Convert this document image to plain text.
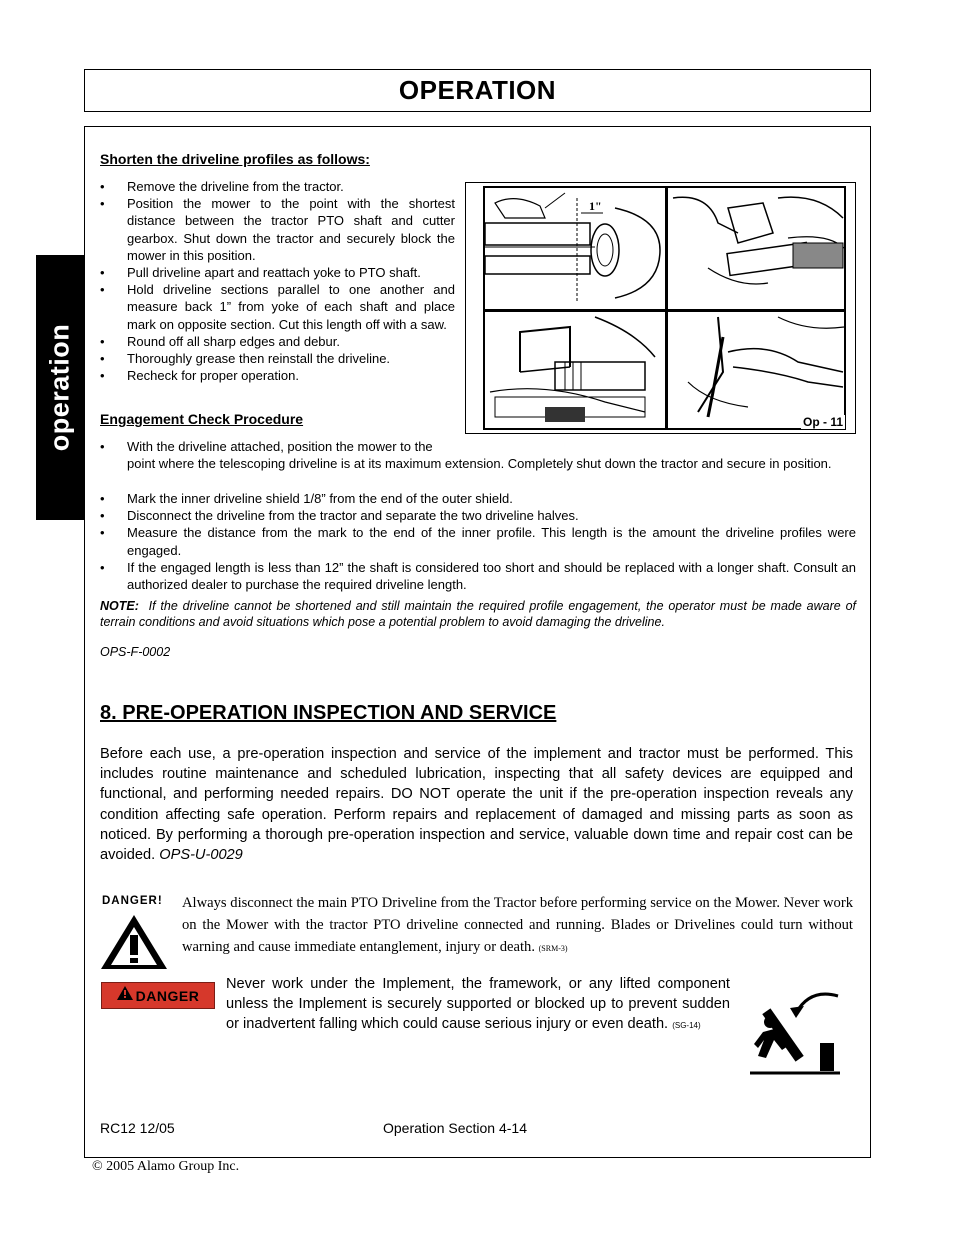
OPERATION
operation
Shorten the driveline profiles as follows:
• Remove the driveline from the tractor.
• Position the mower to the point with the shortest distance between the tractor PTO shaft and cutter gearbox. Shut down the tractor and securely block the mower in this position.
• Pull driveline apart and reattach yoke to PTO shaft.
• Hold driveline sections parallel to one another and measure back 1” from yoke of each shaft and place mark on opposite section. Cut this length off with a saw.
• Round off all sharp edges and debur.
• Thoroughly grease then reinstall the driveline.
• Recheck for proper operation.
1"
Op - 11
Engagement Check Procedure
• With the driveline attached, position the mower to the
point where the telescoping driveline is at its maximum extension. Completely shut down the tractor and secure in position.
• Mark the inner driveline shield 1/8” from the end of the outer shield.
• Disconnect the driveline from the tractor and separate the two driveline halves.
• Measure the distance from the mark to the end of the inner profile. This length is the amount the driveline profiles were engaged.
• If the engaged length is less than 12” the shaft is considered too short and should be replaced with a longer shaft. Consult an authorized dealer to purchase the required driveline length.
NOTE: If the driveline cannot be shortened and still maintain the required profile engagement, the operator must be made aware of terrain conditions and avoid situations which pose a potential problem to avoid damaging the driveline.
OPS-F-0002
8. PRE-OPERATION INSPECTION AND SERVICE
Before each use, a pre-operation inspection and service of the implement and tractor must be performed. This includes routine maintenance and scheduled lubrication, inspecting that all safety devices are equipped and functional, and performing needed repairs. DO NOT operate the unit if the pre-operation inspection reveals any condition affecting safe operation. Perform repairs and replacement of damaged and missing parts as soon as noticed. By performing a thorough pre-operation inspection and service, valuable down time and repair cost can be avoided. OPS-U-0029
DANGER! Always disconnect the main PTO Driveline from the Tractor before performing service on the Mower. Never work on the Mower with the tractor PTO driveline connected and running. Blades or Drivelines could turn without warning and cause immediate entanglement, injury or death. (SRM-3)
DANGER
Never work under the Implement, the framework, or any lifted component unless the Implement is securely supported or blocked up to prevent sudden or inadvertent falling which could cause serious injury or even death. (SG-14)
RC12 12/05	Operation Section 4-14
© 2005 Alamo Group Inc.
